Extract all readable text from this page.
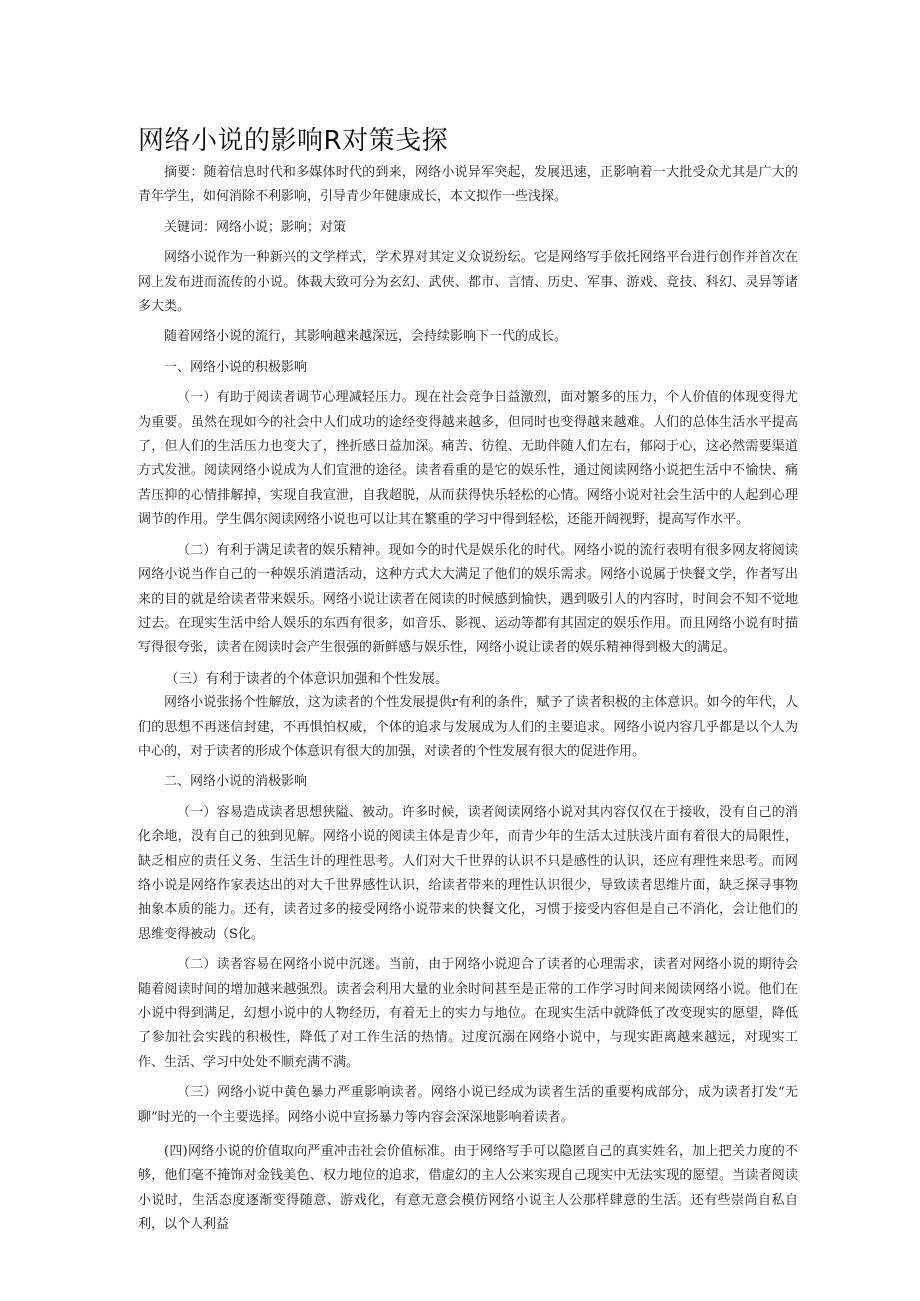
网络小说的影响R对策戋探

摘要：随着信息时代和多媒体时代的到来，网络小说异军突起，发展迅速，正影响着一大批受众尤其是广大的青年学生，如何消除不利影响，引导青少年健康成长，本文拟作一些浅探。

关键词：网络小说；影响；对策

网络小说作为一种新兴的文学样式，学术界对其定义众说纷纭。它是网络写手依托网络平台进行创作并首次在网上发布进而流传的小说。体裁大致可分为玄幻、武侠、都市、言情、历史、军事、游戏、竞技、科幻、灵异等诸多大类。

随着网络小说的流行，其影响越来越深远，会持续影响下一代的成长。

一、网络小说的积极影响

（一）有助于阅读者调节心理减轻压力。现在社会竞争日益激烈，面对繁多的压力，个人价值的体现变得尤为重要。虽然在现如今的社会中人们成功的途经变得越来越多，但同时也变得越来越难。人们的总体生活水平提高了，但人们的生活压力也变大了，挫折感日益加深。痛苦、彷徨、无助伴随人们左右，郁闷于心，这必然需要渠道方式发泄。阅读网络小说成为人们宣泄的途径。读者看重的是它的娱乐性，通过阅读网络小说把生活中不愉快、痛苦压抑的心情排解掉，实现自我宣泄，自我超脱，从而获得快乐轻松的心情。网络小说对社会生活中的人起到心理调节的作用。学生偶尔阅读网络小说也可以让其在繁重的学习中得到轻松，还能开阔视野，提高写作水平。

（二）有利于满足读者的娱乐精神。现如今的时代是娱乐化的时代。网络小说的流行表明有很多网友将阅读网络小说当作自己的一种娱乐消遣活动，这种方式大大满足了他们的娱乐需求。网络小说属于快餐文学，作者写出来的目的就是给读者带来娱乐。网络小说让读者在阅读的时候感到愉快，遇到吸引人的内容时，时间会不知不觉地过去。在现实生活中给人娱乐的东西有很多，如音乐、影视、运动等都有其固定的娱乐作用。而且网络小说有时描写得很夸张，读者在阅读时会产生很强的新鲜感与娱乐性，网络小说让读者的娱乐精神得到极大的满足。

（三）有利于读者的个体意识加强和个性发展。

网络小说张扬个性解放，这为读者的个性发展提供r有利的条件，赋予了读者积极的主体意识。如今的年代，人们的思想不再迷信封建，不再惧怕权威，个体的追求与发展成为人们的主要追求。网络小说内容几乎都是以个人为中心的，对于读者的形成个体意识有很大的加强，对读者的个性发展有很大的促进作用。

二、网络小说的消极影响

（一）容易造成读者思想狭隘、被动。许多时候，读者阅读网络小说对其内容仅仅在于接收，没有自己的消化余地，没有自己的独到见解。网络小说的阅读主体是青少年，而青少年的生活太过肤浅片面有着很大的局限性，缺乏相应的责任义务、生活生计的理性思考。人们对大千世界的认识不只是感性的认识，还应有理性来思考。而网络小说是网络作家表达出的对大千世界感性认识，给读者带来的理性认识很少，导致读者思维片面，缺乏探寻事物抽象本质的能力。还有，读者过多的接受网络小说带来的快餐文化，习惯于接受内容但是自己不消化，会让他们的思维变得被动（S化。

（二）读者容易在网络小说中沉迷。当前，由于网络小说迎合了读者的心理需求，读者对网络小说的期待会随着阅读时间的增加越来越强烈。读者会利用大量的业余时间甚至是正常的工作学习时间来阅读网络小说。他们在小说中得到满足，幻想小说中的人物经历，有着无上的实力与地位。在现实生活中就降低了改变现实的愿望，降低了参加社会实践的积极性，降低了对工作生活的热情。过度沉溺在网络小说中，与现实距离越来越远，对现实工作、生活、学习中处处不顺充满不满。

（三）网络小说中黄色暴力严重影响读者。网络小说已经成为读者生活的重要构成部分，成为读者打发“无聊”时光的一个主要选择。网络小说中宣扬暴力等内容会深深地影响着读者。

(四)网络小说的价值取向严重冲击社会价值标准。由于网络写手可以隐匿自己的真实姓名，加上把关力度的不够，他们毫不掩饰对金钱美色、权力地位的追求，借虚幻的主人公来实现自己现实中无法实现的愿望。当读者阅读小说时，生活态度逐渐变得随意、游戏化，有意无意会模仿网络小说主人公那样肆意的生活。还有些崇尚自私自利，以个人利益
